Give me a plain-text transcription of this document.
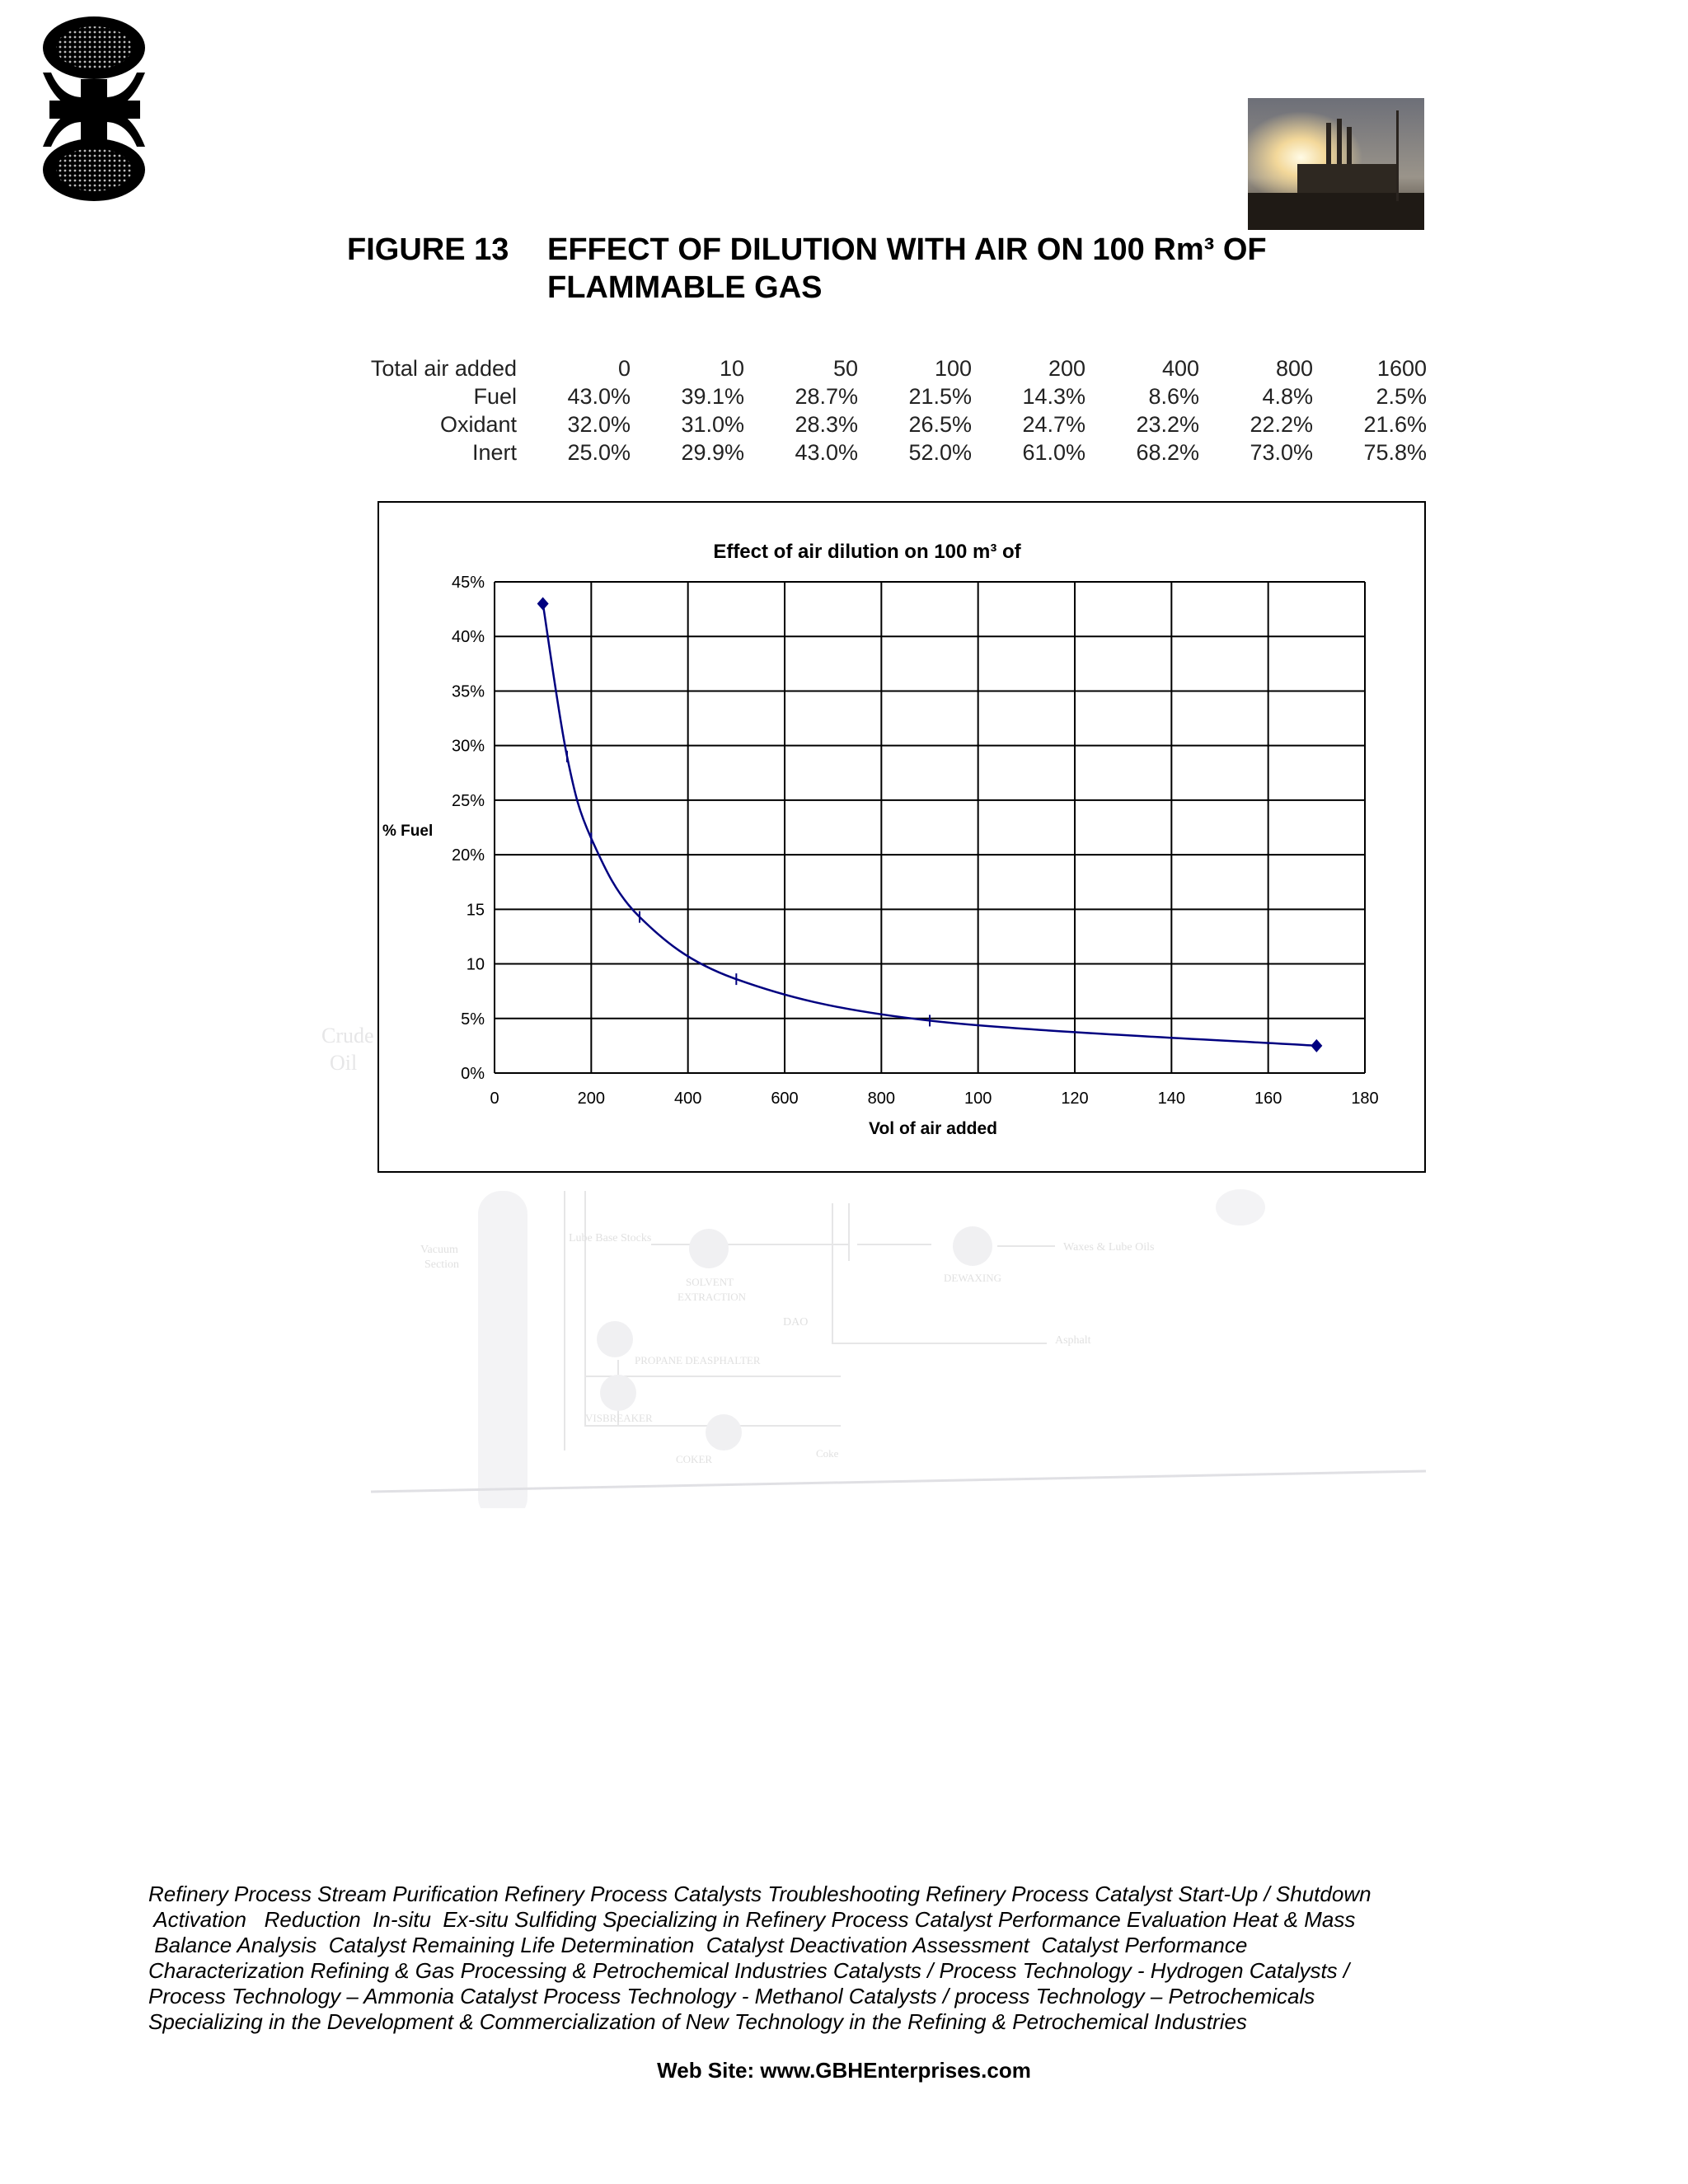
FIGURE 13 EFFECT OF DILUTION WITH AIR ON 100 Rm³ OF FLAMMABLE GAS
Total air added	0	10	50	100	200	400	800	1600
Fuel	43.0%	39.1%	28.7%	21.5%	14.3%	8.6%	4.8%	2.5%
Oxidant	32.0%	31.0%	28.3%	26.5%	24.7%	23.2%	22.2%	21.6%
Inert	25.0%	29.9%	43.0%	52.0%	61.0%	68.2%	73.0%	75.8%
Crude
Oil
Vacuum
Section
Lube Base Stocks
SOLVENT
EXTRACTION
DAO
DEWAXING
Waxes & Lube Oils
PROPANE DEASPHALTER
Asphalt
VISBREAKER
COKER	Coke
Effect of air dilution on 100 m³ of
% Fuel
Vol of air added
0	200	400	600	800	100	120	140	160	180
0%
5%
10
15
20%
25%
30%
35%
40%
45%
Refinery Process Stream Purification Refinery Process Catalysts Troubleshooting Refinery Process Catalyst Start-Up / Shutdown
Activation   Reduction  In-situ  Ex-situ Sulfiding Specializing in Refinery Process Catalyst Performance Evaluation Heat & Mass
Balance Analysis  Catalyst Remaining Life Determination  Catalyst Deactivation Assessment  Catalyst Performance
Characterization Refining & Gas Processing & Petrochemical Industries Catalysts / Process Technology - Hydrogen Catalysts /
Process Technology – Ammonia Catalyst Process Technology - Methanol Catalysts / process Technology – Petrochemicals
Specializing in the Development & Commercialization of New Technology in the Refining & Petrochemical Industries
Web Site: www.GBHEnterprises.com
